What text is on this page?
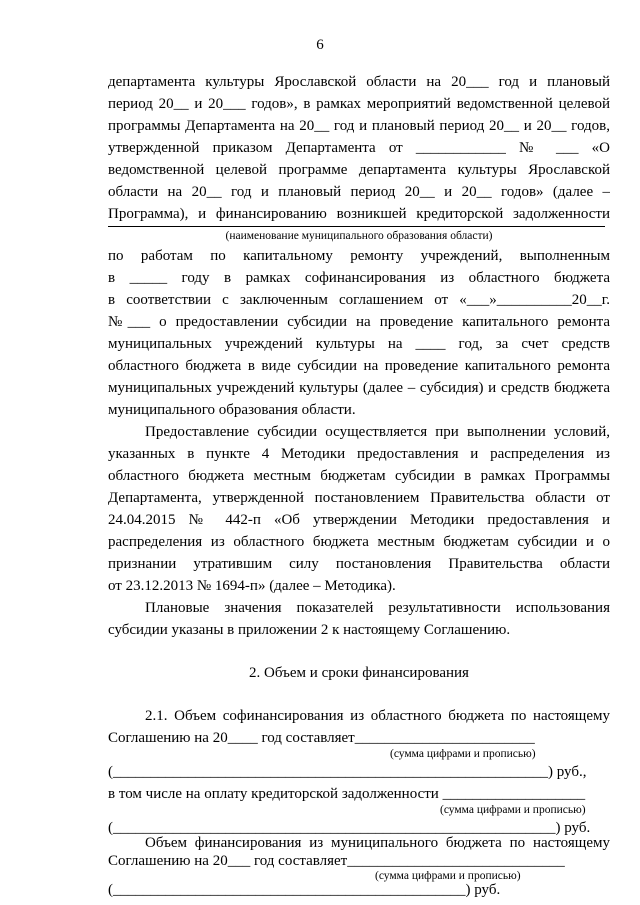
6
департамента культуры Ярославской области на 20___ год и плановый
период 20__ и 20___ годов», в рамках мероприятий ведомственной целевой
программы Департамента на 20__ год и плановый период 20__ и 20__ годов,
утвержденной приказом Департамента от ____________ № ___ «О
ведомственной целевой программе департамента культуры Ярославской
области на 20__ год и плановый период 20__ и 20__ годов» (далее –
Программа), и финансированию возникшей кредиторской задолженности
(наименование муниципального образования области)
по работам по капитальному ремонту учреждений, выполненным
в _____ году в рамках софинансирования из областного бюджета
в соответствии с заключенным соглашением от «___»__________20__г.
№___ о предоставлении субсидии на проведение капитального ремонта
муниципальных учреждений культуры на ____ год, за счет средств
областного бюджета в виде субсидии на проведение капитального ремонта
муниципальных учреждений культуры (далее – субсидия) и средств бюджета
муниципального образования области.
Предоставление субсидии осуществляется при выполнении условий,
указанных в пункте 4 Методики предоставления и распределения из
областного бюджета местным бюджетам субсидии в рамках Программы
Департамента, утвержденной постановлением Правительства области от
24.04.2015 № 442-п «Об утверждении Методики предоставления и
распределения из областного бюджета местным бюджетам субсидии и о
признании утратившим силу постановления Правительства области
от 23.12.2013 № 1694-п» (далее – Методика).
Плановые значения показателей результативности использования
субсидии указаны в приложении 2 к настоящему Соглашению.
2. Объем и сроки финансирования
2.1. Объем софинансирования из областного бюджета по настоящему
Соглашению на 20____ год составляет________________________
(сумма цифрами и прописью)
(__________________________________________________________) руб.,
в том числе на оплату кредиторской задолженности ___________________
(сумма цифрами и прописью)
(___________________________________________________________) руб.
Объем финансирования из муниципального бюджета по настоящему
Соглашению на 20___ год составляет_____________________________
(сумма цифрами и прописью)
(_______________________________________________) руб.
